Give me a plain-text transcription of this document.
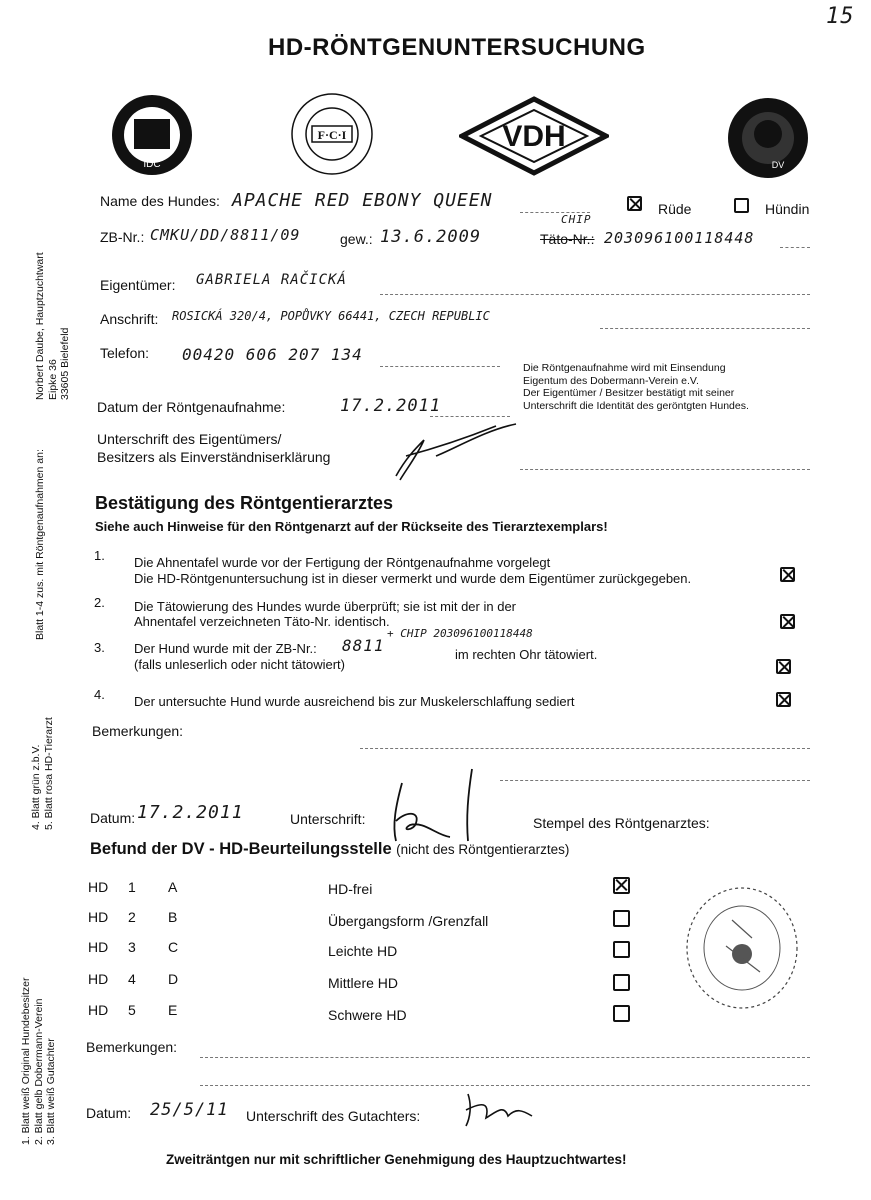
15
HD-RÖNTGENUNTERSUCHUNG
IDC
F·C·I	VDH
DV
Name des Hundes: APACHE RED EBONY QUEEN	Rüde	Hündin
ZB-Nr.: CMKU/DD/8811/09	gew.: 13.6.2009
CHIP
Täto-Nr.: 203096100118448
Eigentümer: GABRIELA RAČICKÁ
Anschrift: ROSICKÁ 320/4, POPŮVKY 66441, CZECH REPUBLIC
Telefon: 00420 606 207 134
Die Röntgenaufnahme wird mit Einsendung
Eigentum des Dobermann-Verein e.V.
Der Eigentümer / Besitzer bestätigt mit seiner
Unterschrift die Identität des geröntgten Hundes.
Datum der Röntgenaufnahme:	17.2.2011
Unterschrift des Eigentümers/
Besitzers als Einverständniserklärung
Bestätigung des Röntgentierarztes
Siehe auch Hinweise für den Röntgenarzt auf der Rückseite des Tierarztexemplars!
1. Die Ahnentafel wurde vor der Fertigung der Röntgenaufnahme vorgelegt
Die HD-Röntgenuntersuchung ist in dieser vermerkt und wurde dem Eigentümer zurückgegeben.
2. Die Tätowierung des Hundes wurde überprüft; sie ist mit der in der
Ahnentafel verzeichneten Täto-Nr. identisch.
3. Der Hund wurde mit der ZB-Nr.: 8811
+ CHIP 203096100118448
im rechten Ohr tätowiert.
(falls unleserlich oder nicht tätowiert)
4. Der untersuchte Hund wurde ausreichend bis zur Muskelerschlaffung sediert
Bemerkungen:
Datum: 17.2.2011	Unterschrift:	Stempel des Röntgenarztes:
Befund der DV - HD-Beurteilungsstelle (nicht des Röntgentierarztes)
HD 1 A	HD-frei
HD 2 B	Übergangsform /Grenzfall
HD 3 C	Leichte HD
HD 4 D	Mittlere HD
HD 5 E	Schwere HD
Bemerkungen:
Datum: 25/5/11 Unterschrift des Gutachters:
Zweiträntgen nur mit schriftlicher Genehmigung des Hauptzuchtwartes!
Norbert Daube, Hauptzuchtwart Eipke 36 33605 Bielefeld
Blatt 1-4 zus. mit Röntgenaufnahmen an:
4. Blatt grün z.b.V. 5. Blatt rosa HD-Tierarzt
1. Blatt weiß Original Hundebesitzer 2. Blatt gelb Dobermann-Verein 3. Blatt weiß Gutachter
